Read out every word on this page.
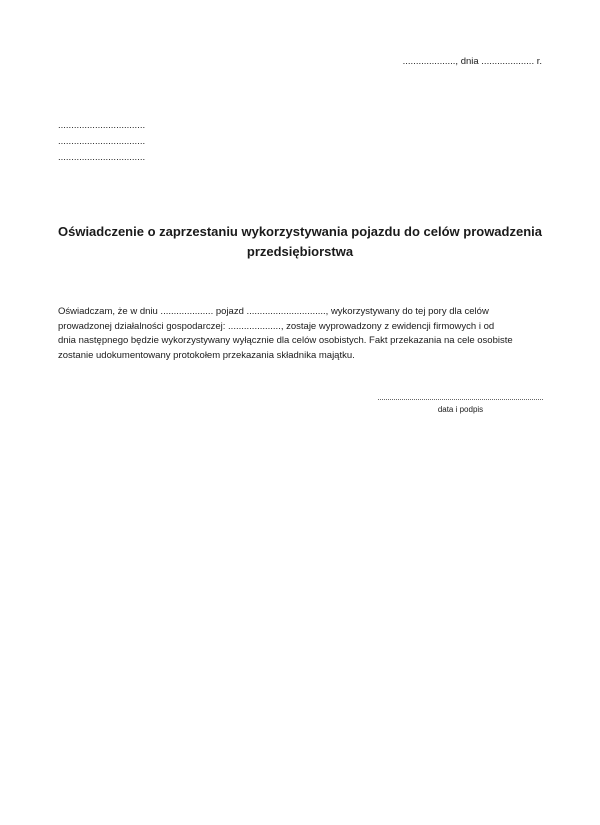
...................., dnia .................... r.
.................................
.................................
.................................
Oświadczenie o zaprzestaniu wykorzystywania pojazdu do celów prowadzenia
przedsiębiorstwa
Oświadczam, że w dniu .................... pojazd .............................., wykorzystywany do tej pory dla celów
prowadzonej działalności gospodarczej: ...................., zostaje wyprowadzony z ewidencji firmowych i od
dnia następnego będzie wykorzystywany wyłącznie dla celów osobistych. Fakt przekazania na cele osobiste
zostanie udokumentowany protokołem przekazania składnika majątku.
data i podpis
